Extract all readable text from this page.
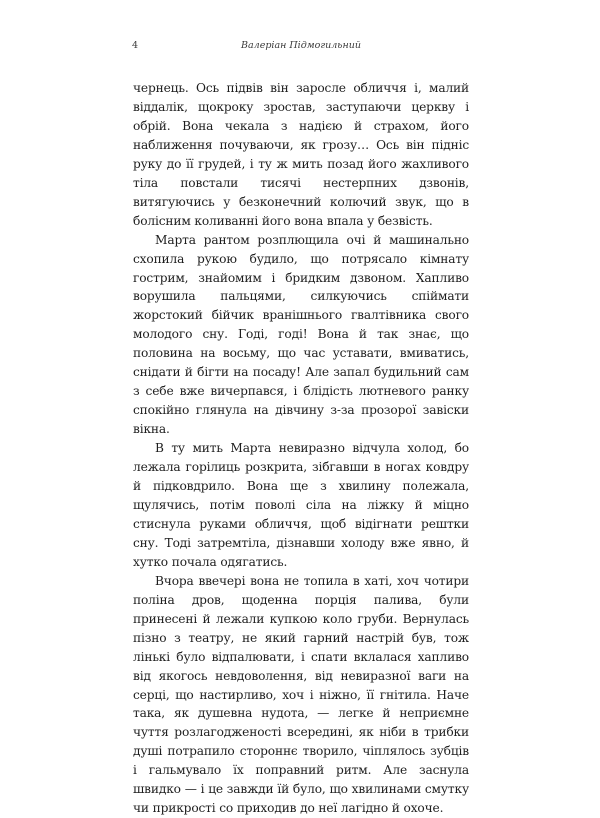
4	Валеріан Підмогильний

чернець. Ось підвів він заросле обличчя і, малий віддалік, щокроку зростав, заступаючи церкву і обрій. Вона чекала з надією й страхом, його наближення почуваючи, як грозу… Ось він підніс руку до її грудей, і ту ж мить позад його жахливого тіла повстали тисячі нестерпних дзвонів, витягуючись у безконечний колючий звук, що в болісним коливанні його вона впала у безвість.

Марта рантом розплющила очі й машинально схопила рукою будило, що потрясало кімнату гострим, знайомим і бридким дзвоном. Хапливо ворушила пальцями, силкуючись спіймати жорстокий бійчик вранішнього гвалтівника свого молодого сну. Годі, годі! Вона й так знає, що половина на восьму, що час уставати, вмиватись, снідати й бігти на посаду! Але запал будильний сам з себе вже вичерпався, і блідість лютневого ранку спокійно глянула на дівчину з-за прозорої завіски вікна.

В ту мить Марта невиразно відчула холод, бо лежала горілиць розкрита, зібгавши в ногах ковдру й підковдрило. Вона ще з хвилину полежала, щулячись, потім поволі сіла на ліжку й міцно стиснула руками обличчя, щоб відігнати рештки сну. Тоді затремтіла, дізнавши холоду вже явно, й хутко почала одягатись.

Вчора ввечері вона не топила в хаті, хоч чотири поліна дров, щоденна порція палива, були принесені й лежали купкою коло груби. Вернулась пізно з театру, не який гарний настрій був, тож лінькі було відпалювати, і спати вклалася хапливо від якогось невдоволення, від невиразної ваги на серці, що настирливо, хоч і ніжно, її гнітила. Наче така, як душевна нудота, — легке й неприємне чуття розлагодженості всередині, як ніби в трибки душі потрапило стороннє творило, чіплялось зубців і гальмувало їх поправний ритм. Але заснула швидко — і це завжди їй було, що хвилинами смутку чи прикрості со приходив до неї лагідно й охоче.
